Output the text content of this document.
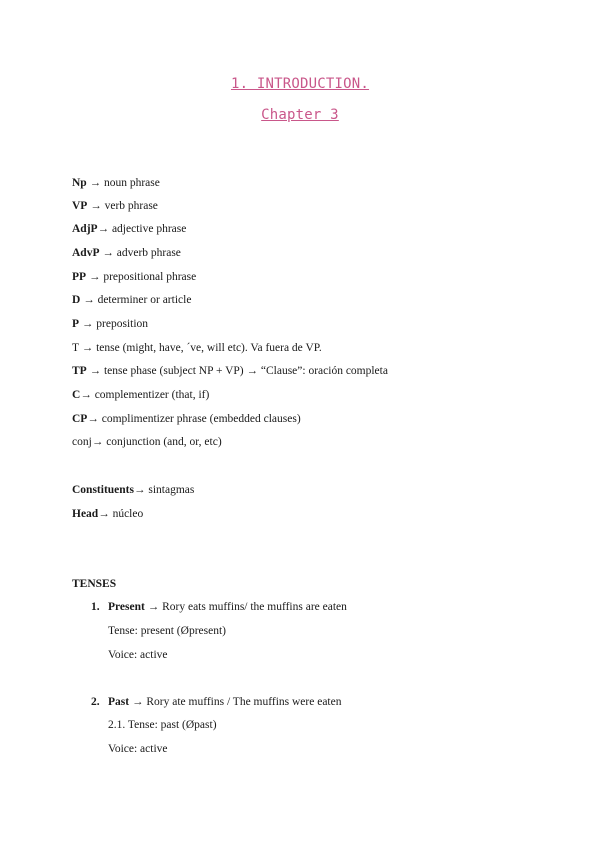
1. INTRODUCTION.
Chapter 3
Np → noun phrase
VP → verb phrase
AdjP→ adjective phrase
AdvP → adverb phrase
PP → prepositional phrase
D → determiner or article
P → preposition
T → tense (might, have, ´ve, will etc). Va fuera de VP.
TP → tense phase (subject NP + VP) → “Clause”: oración completa
C→ complementizer (that, if)
CP→ complimentizer phrase (embedded clauses)
conj→ conjunction (and, or, etc)
Constituents→ sintagmas
Head→ núcleo
TENSES
1. Present → Rory eats muffins/ the muffins are eaten
Tense: present (Øpresent)
Voice: active
2. Past → Rory ate muffins / The muffins were eaten
2.1. Tense: past (Øpast)
Voice: active
